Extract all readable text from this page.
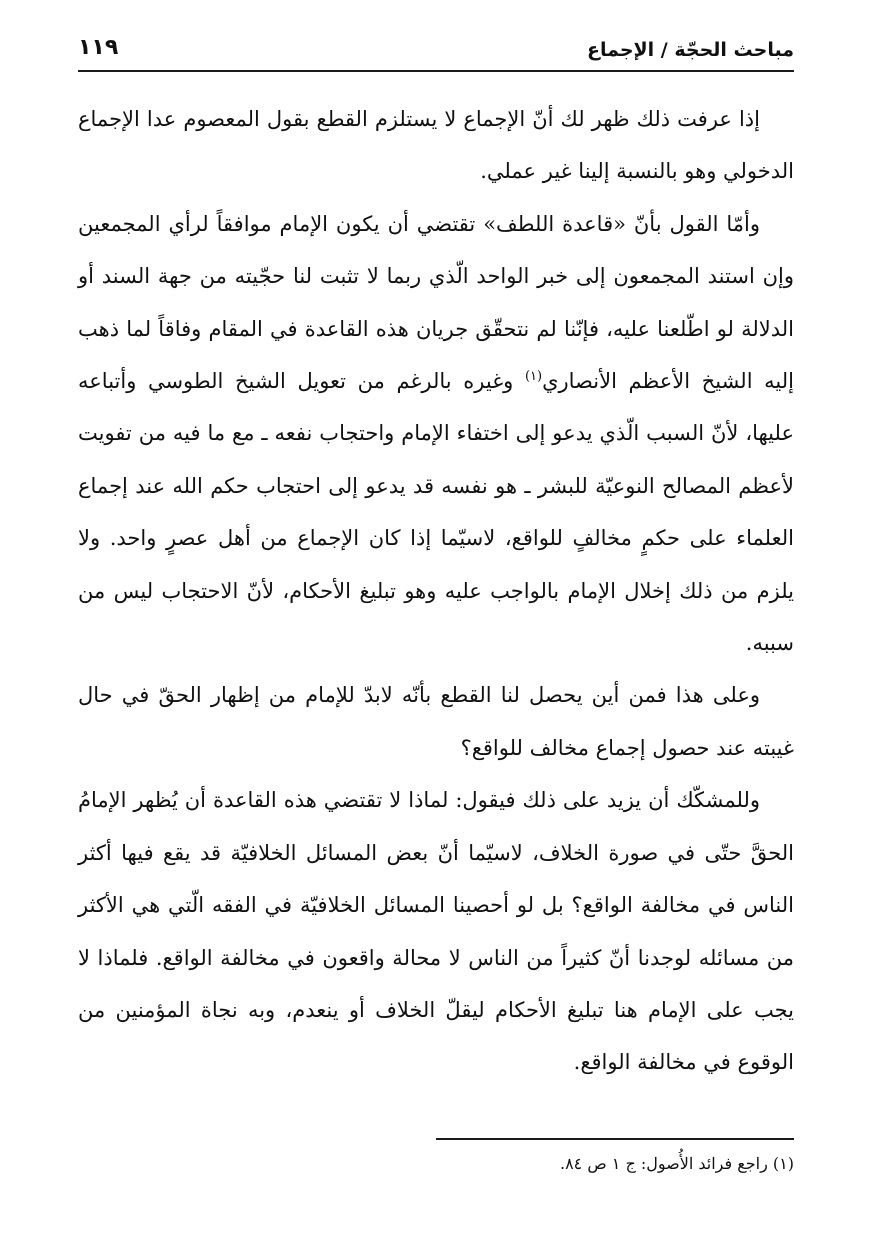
مباحث الحجّة / الإجماع
١١٩

إذا عرفت ذلك ظهر لك أنّ الإجماع لا يستلزم القطع بقول المعصوم عدا الإجماع الدخولي وهو بالنسبة إلينا غير عملي.

وأمّا القول بأنّ «قاعدة اللطف» تقتضي أن يكون الإمام موافقاً لرأي المجمعين وإن استند المجمعون إلى خبر الواحد الّذي ربما لا تثبت لنا حجّيته من جهة السند أو الدلالة لو اطّلعنا عليه، فإنّنا لم نتحقّق جريان هذه القاعدة في المقام وفاقاً لما ذهب إليه الشيخ الأعظم الأنصاري$^{(١)}$ وغيره بالرغم من تعويل الشيخ الطوسي وأتباعه عليها، لأنّ السبب الّذي يدعو إلى اختفاء الإمام واحتجاب نفعه ـ مع ما فيه من تفويت لأعظم المصالح النوعيّة للبشر ـ هو نفسه قد يدعو إلى احتجاب حكم الله عند إجماع العلماء على حكمٍ مخالفٍ للواقع، لاسيّما إذا كان الإجماع من أهل عصرٍ واحد. ولا يلزم من ذلك إخلال الإمام بالواجب عليه وهو تبليغ الأحكام، لأنّ الاحتجاب ليس من سببه.

وعلى هذا فمن أين يحصل لنا القطع بأنّه لابدّ للإمام من إظهار الحقّ في حال غيبته عند حصول إجماع مخالف للواقع؟

وللمشكّك أن يزيد على ذلك فيقول: لماذا لا تقتضي هذه القاعدة أن يُظهر الإمامُ الحقَّ حتّى في صورة الخلاف، لاسيّما أنّ بعض المسائل الخلافيّة قد يقع فيها أكثر الناس في مخالفة الواقع؟ بل لو أحصينا المسائل الخلافيّة في الفقه الّتي هي الأكثر من مسائله لوجدنا أنّ كثيراً من الناس لا محالة واقعون في مخالفة الواقع. فلماذا لا يجب على الإمام هنا تبليغ الأحكام ليقلّ الخلاف أو ينعدم، وبه نجاة المؤمنين من الوقوع في مخالفة الواقع.

(١) راجع فرائد الأُصول: ج ١ ص ٨٤.
